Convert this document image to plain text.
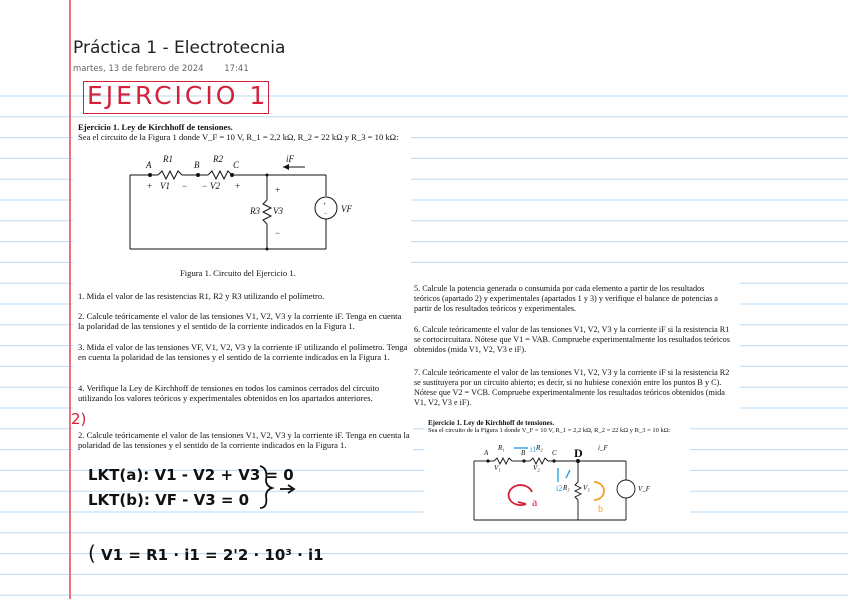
Práctica 1 - Electrotecnia
martes, 13 de febrero de 2024 17:41
EJERCICIO 1
Ejercicio 1. Ley de Kirchhoff de tensiones.
Sea el circuito de la Figura 1 donde V_F = 10 V, R_1 = 2,2 kΩ, R_2 = 22 kΩ y R_3 = 10 kΩ:
A	B	C
R1	R2
R3
V1	V2
V3
iF
VF
+	− −	+	+
−
+
−
Figura 1. Circuito del Ejercicio 1.
1. Mida el valor de las resistencias R1, R2 y R3 utilizando el polímetro.
2. Calcule teóricamente el valor de las tensiones V1, V2, V3 y la corriente iF. Tenga en cuenta la polaridad de las tensiones y el sentido de la corriente indicados en la Figura 1.
3. Mida el valor de las tensiones VF, V1, V2, V3 y la corriente iF utilizando el polímetro. Tenga en cuenta la polaridad de las tensiones y el sentido de la corriente indicados en la Figura 1.
4. Verifique la Ley de Kirchhoff de tensiones en todos los caminos cerrados del circuito utilizando los valores teóricos y experimentales obtenidos en los apartados anteriores.
5. Calcule la potencia generada o consumida por cada elemento a partir de los resultados teóricos (apartado 2) y experimentales (apartados 1 y 3) y verifique el balance de potencias a partir de los resultados teóricos y experimentales.
6. Calcule teóricamente el valor de las tensiones V1, V2, V3 y la corriente iF si la resistencia R1 se cortocircuitara. Nótese que V1 = VAB. Compruebe experimentalmente los resultados teóricos obtenidos (mida V1, V2, V3 e iF).
7. Calcule teóricamente el valor de las tensiones V1, V2, V3 y la corriente iF si la resistencia R2 se sustituyera por un circuito abierto; es decir, si no hubiese conexión entre los puntos B y C). Nótese que V2 = VCB. Compruebe experimentalmente los resultados teóricos obtenidos (mida V1, V2, V3 e iF).
2)
2. Calcule teóricamente el valor de las tensiones V1, V2, V3 y la corriente iF. Tenga en cuenta la polaridad de las tensiones y el sentido de la corriente indicados en la Figura 1.
LKT(a): V1 - V2 + V3 = 0
LKT(b): VF - V3 = 0
( V1 = R1 · i1 = 2'2 · 10³ · i1
Ejercicio 1. Ley de Kirchhoff de tensiones.
Sea el circuito de la Figura 1 donde V_F = 10 V, R_1 = 2,2 kΩ, R_2 = 22 kΩ y R_3 = 10 kΩ:
A	B	C
R₁	R₂
R₃ V₃
V₁	V₂
V_F
i_F
D
i1
i2
a
b
